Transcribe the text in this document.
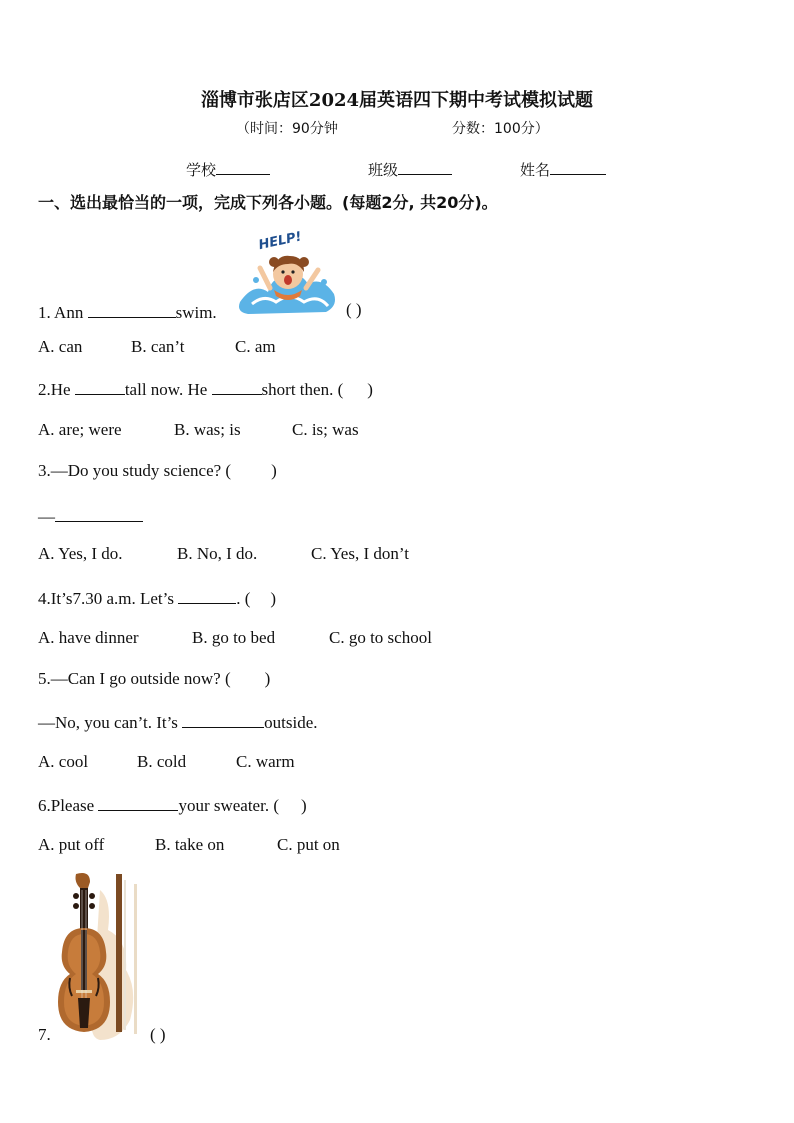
淄博市张店区2024届英语四下期中考试模拟试题
（时间：90分钟	分数：100分）
学校	班级	姓名
一、选出最恰当的一项，完成下列各小题。(每题2分, 共20分)。
HELP!
1. Ann	swim.	( )
A. can	B. can’t	C. am
2.He	tall now. He	short then. ( )
A. are; were	B. was; is	C. is; was
3.—Do you study science? ( )
—
A. Yes, I do.	B. No, I do.	C. Yes, I don’t
4.It’s7.30 a.m. Let’s	. ( )
A. have dinner	B. go to bed	C. go to school
5.—Can I go outside now? ( )
—No, you can’t. It’s	outside.
A. cool	B. cold	C. warm
6.Please	your sweater. ( )
A. put off	B. take on	C. put on
7.	( )
